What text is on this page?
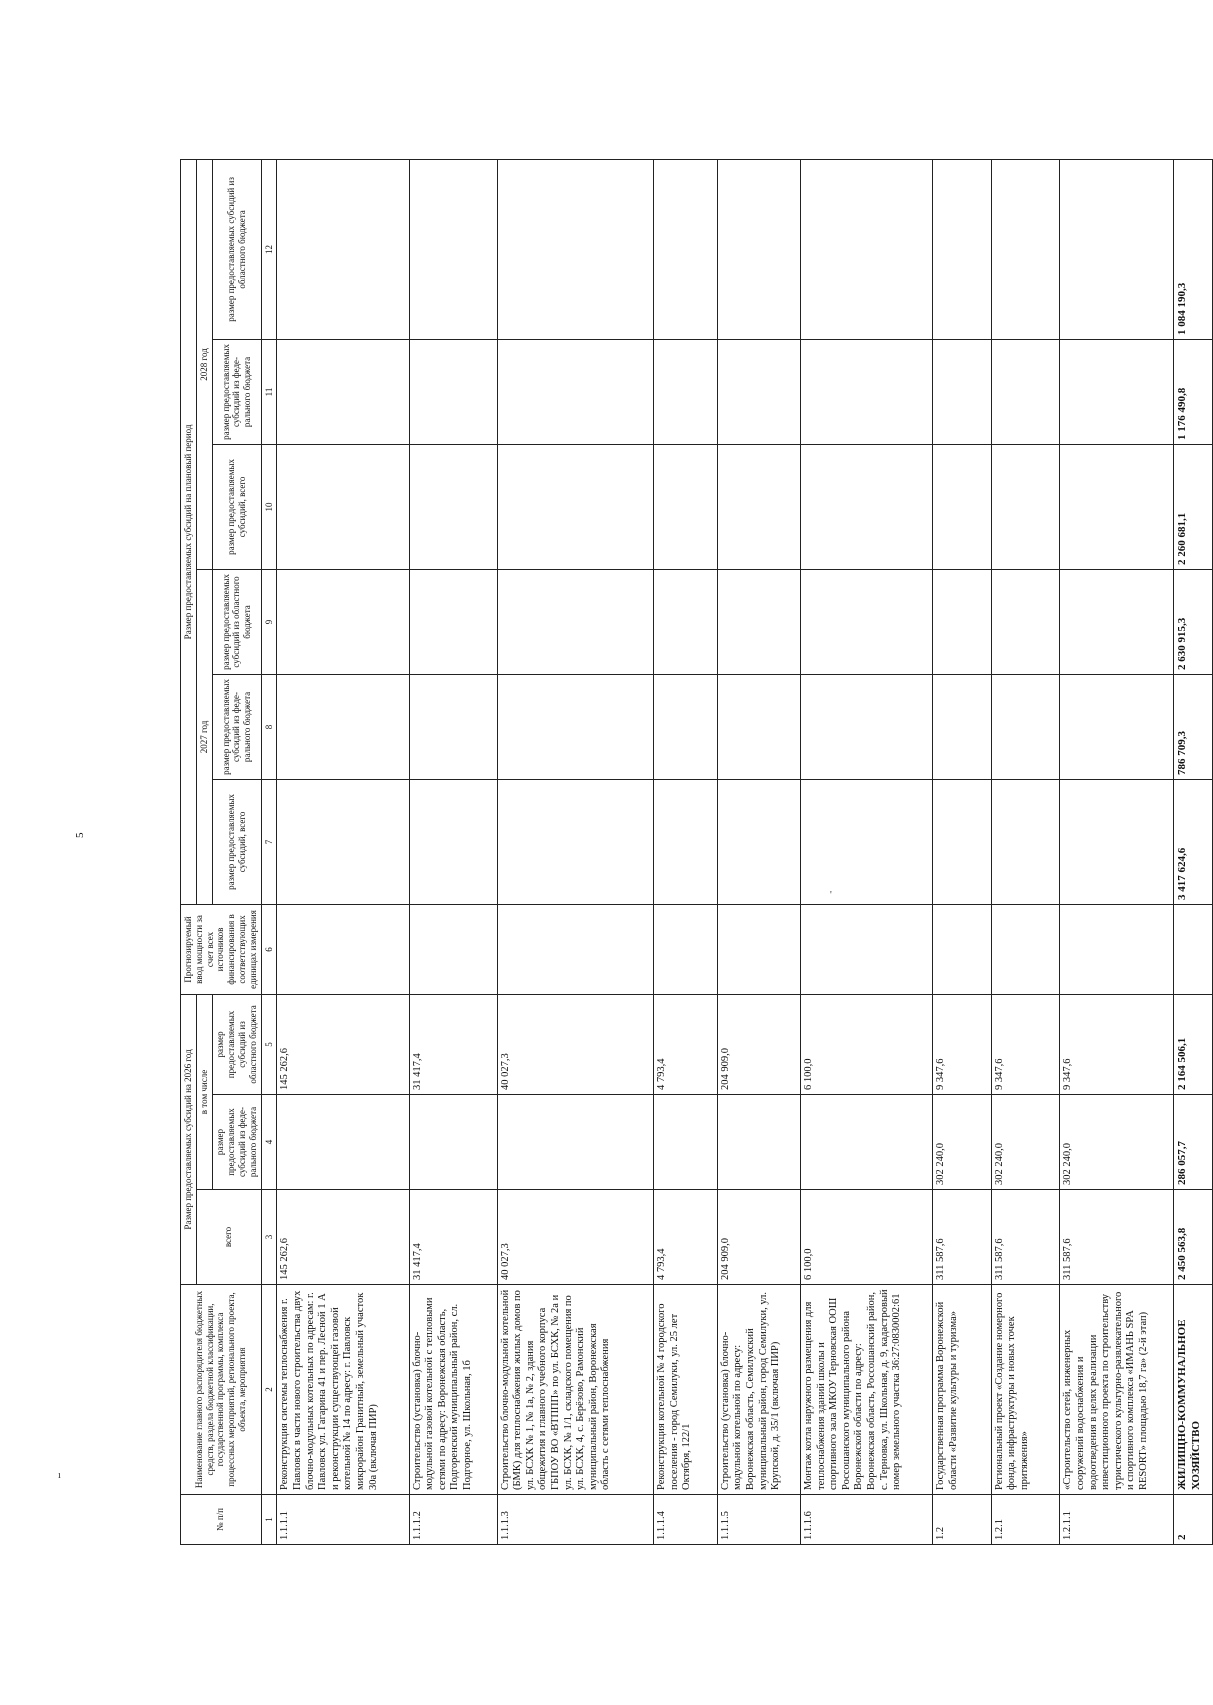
5
ı
'
№ п/п	Наименование главного распорядителя бюджетных средств, раздела бюджетной классификации, государственной программы, комплекса процессных мероприятий, регионального проекта, объекта, мероприятия	Размер предоставляемых субсидий на 2026 год			Прогнозируемый ввод мощности за счет всех источников финансирования в соответствующих единицах измерения	Размер предоставляемых субсидий на плановый период					
		всего	в том числе			2027 год			2028 год		
			размер предоставляемых субсидий из феде-рального бюджета	размер предоставляемых субсидий из областного бюджета		размер предоставляемых субсидий, всего	размер предоставляемых субсидий из феде-рального бюджета	размер предоставляемых субсидий из областного бюджета	размер предоставляемых субсидий, всего	размер предоставляемых субсидий из феде-рального бюджета	размер предоставляемых субсидий из областного бюджета

1	2	3	4	5	6	7	8	9	10	11	12
1.1.1.1	Реконструкция системы теплоснабжения г. Павловск в части нового строительства двух блочно-модульных котельных по адресам: г. Павловск ул. Гагарина 41 и пер. Лесной 1 А и реконструкции существующей газовой котельной № 14 по адресу: г. Павловск микрорайон Гранитный, земельный участок 30а (включая ПИР)	145 262,6		145 262,6							
1.1.1.2	Строительство (установка) блочно-модульной газовой котельной с тепловыми сетями по адресу: Воронежская область, Подгоренский муниципальный район, сл. Подгорное, ул. Школьная, 1б	31 417,4		31 417,4							
1.1.1.3	Строительство блочно-модульной котельной (БМК) для теплоснабжения жилых домов по ул. БСХК № 1, № 1а, № 2, здания общежития и главного учебного корпуса ГБПОУ ВО «ВТППП» по ул. БСХК, № 2а и ул. БСХК, № 1/1, складского помещения по ул. БСХК, 4, с. Берёзово, Рамонский муниципальный район, Воронежская область с сетями теплоснабжения	40 027,3		40 027,3							
1.1.1.4	Реконструкция котельной № 4 городского поселения - город Семилуки, ул. 25 лет Октября, 122/1	4 793,4		4 793,4							
1.1.1.5	Строительство (установка) блочно-модульной котельной по адресу: Воронежская область, Семилукский муниципальный район, город Семилуки, ул. Крупской, д. 35/1 (включая ПИР)	204 909,0		204 909,0							
1.1.1.6	Монтаж котла наружного размещения для теплоснабжения зданий школы и спортивного зала МКОУ Терновская ООШ Россошанского муниципального района Воронежской области по адресу: Воронежская область, Россошанский район, с. Терновка, ул. Школьная, д. 9, кадастровый номер земельного участка 36:27:0830002:61	6 100,0		6 100,0							
1.2	Государственная программа Воронежской области «Развитие культуры и туризма»	311 587,6	302 240,0	9 347,6							
1.2.1	Региональный проект «Создание номерного фонда, инфраструктуры и новых точек притяжения»	311 587,6	302 240,0	9 347,6							
1.2.1.1	«Строительство сетей, инженерных сооружений водоснабжения и водоотведения в целях реализации инвестиционного проекта по строительству туристического культурно-развлекательного и спортивного комплекса «ИМАНЬ SPA RESORT» площадью 18,7 га» (2-й этап)	311 587,6	302 240,0	9 347,6							
2	ЖИЛИЩНО-КОММУНАЛЬНОЕ ХОЗЯЙСТВО	2 450 563,8	286 057,7	2 164 506,1		3 417 624,6	786 709,3	2 630 915,3	2 260 681,1	1 176 490,8	1 084 190,3
